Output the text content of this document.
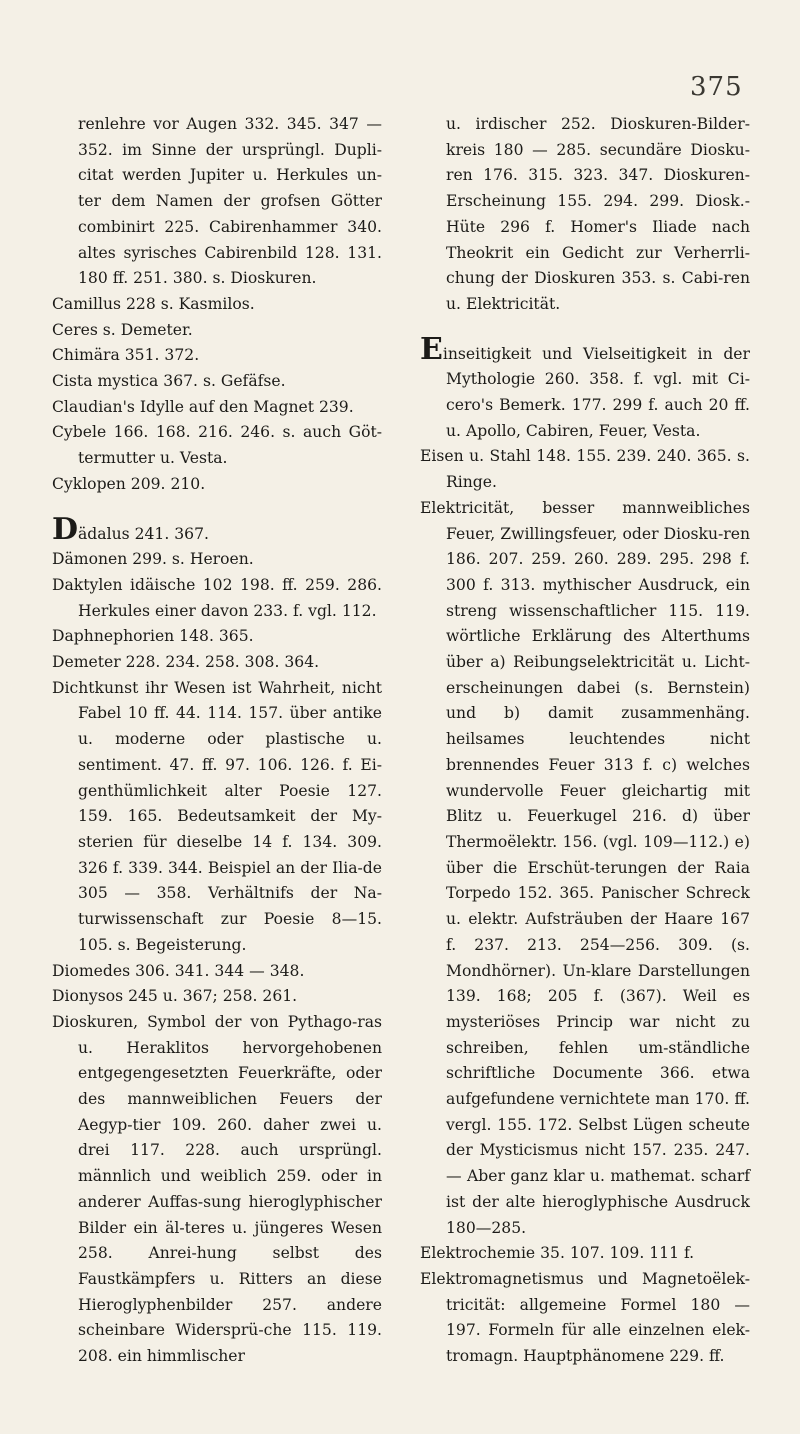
375

renlehre vor Augen 332. 345. 347 — 352. im Sinne der ursprüngl. Dupli-citat werden Jupiter u. Herkules un-ter dem Namen der grofsen Götter combinirt 225. Cabirenhammer 340. altes syrisches Cabirenbild 128. 131. 180 ff. 251. 380. s. Dioskuren.

Camillus 228 s. Kasmilos.

Ceres s. Demeter.

Chimära 351. 372.

Cista mystica 367. s. Gefäfse.

Claudian's Idylle auf den Magnet 239.

Cybele 166. 168. 216. 246. s. auch Göt-termutter u. Vesta.

Cyklopen 209. 210.

Dädalus 241. 367.

Dämonen 299. s. Heroen.

Daktylen idäische 102 198. ff. 259. 286. Herkules einer davon 233. f. vgl. 112.

Daphnephorien 148. 365.

Demeter 228. 234. 258. 308. 364.

Dichtkunst ihr Wesen ist Wahrheit, nicht Fabel 10 ff. 44. 114. 157. über antike u. moderne oder plastische u. sentiment. 47. ff. 97. 106. 126. f. Ei-genthümlichkeit alter Poesie 127. 159. 165. Bedeutsamkeit der My-sterien für dieselbe 14 f. 134. 309. 326 f. 339. 344. Beispiel an der Ilia-de 305 — 358. Verhältnifs der Na-turwissenschaft zur Poesie 8—15. 105. s. Begeisterung.

Diomedes 306. 341. 344 — 348.

Dionysos 245 u. 367; 258. 261.

Dioskuren, Symbol der von Pythago-ras u. Heraklitos hervorgehobenen entgegengesetzten Feuerkräfte, oder des mannweiblichen Feuers der Aegyp-tier 109. 260. daher zwei u. drei 117. 228. auch ursprüngl. männlich und weiblich 259. oder in anderer Auffas-sung hieroglyphischer Bilder ein äl-teres u. jüngeres Wesen 258. Anrei-hung selbst des Faustkämpfers u. Ritters an diese Hieroglyphenbilder 257. andere scheinbare Widersprü-che 115. 119. 208. ein himmlischer

u. irdischer 252. Dioskuren-Bilder-kreis 180 — 285. secundäre Diosku-ren 176. 315. 323. 347. Dioskuren-Erscheinung 155. 294. 299. Diosk.-Hüte 296 f. Homer's Iliade nach Theokrit ein Gedicht zur Verherrli-chung der Dioskuren 353. s. Cabi-ren u. Elektricität.

Einseitigkeit und Vielseitigkeit in der Mythologie 260. 358. f. vgl. mit Ci-cero's Bemerk. 177. 299 f. auch 20 ff. u. Apollo, Cabiren, Feuer, Vesta.

Eisen u. Stahl 148. 155. 239. 240. 365. s. Ringe.

Elektricität, besser mannweibliches Feuer, Zwillingsfeuer, oder Diosku-ren 186. 207. 259. 260. 289. 295. 298 f. 300 f. 313. mythischer Ausdruck, ein streng wissenschaftlicher 115. 119. wörtliche Erklärung des Alterthums über a) Reibungselektricität u. Licht-erscheinungen dabei (s. Bernstein) und b) damit zusammenhäng. heilsames leuchtendes nicht brennendes Feuer 313 f. c) welches wundervolle Feuer gleichartig mit Blitz u. Feuerkugel 216. d) über Thermoëlektr. 156. (vgl. 109—112.) e) über die Erschüt-terungen der Raia Torpedo 152. 365. Panischer Schreck u. elektr. Aufsträuben der Haare 167 f. 237. 213. 254—256. 309. (s. Mondhörner). Un-klare Darstellungen 139. 168; 205 f. (367). Weil es mysteriöses Princip war nicht zu schreiben, fehlen um-ständliche schriftliche Documente 366. etwa aufgefundene vernichtete man 170. ff. vergl. 155. 172. Selbst Lügen scheute der Mysticismus nicht 157. 235. 247. — Aber ganz klar u. mathemat. scharf ist der alte hieroglyphische Ausdruck 180—285.

Elektrochemie 35. 107. 109. 111 f.

Elektromagnetismus und Magnetoëlek-tricität: allgemeine Formel 180 — 197. Formeln für alle einzelnen elek-tromagn. Hauptphänomene 229. ff.
